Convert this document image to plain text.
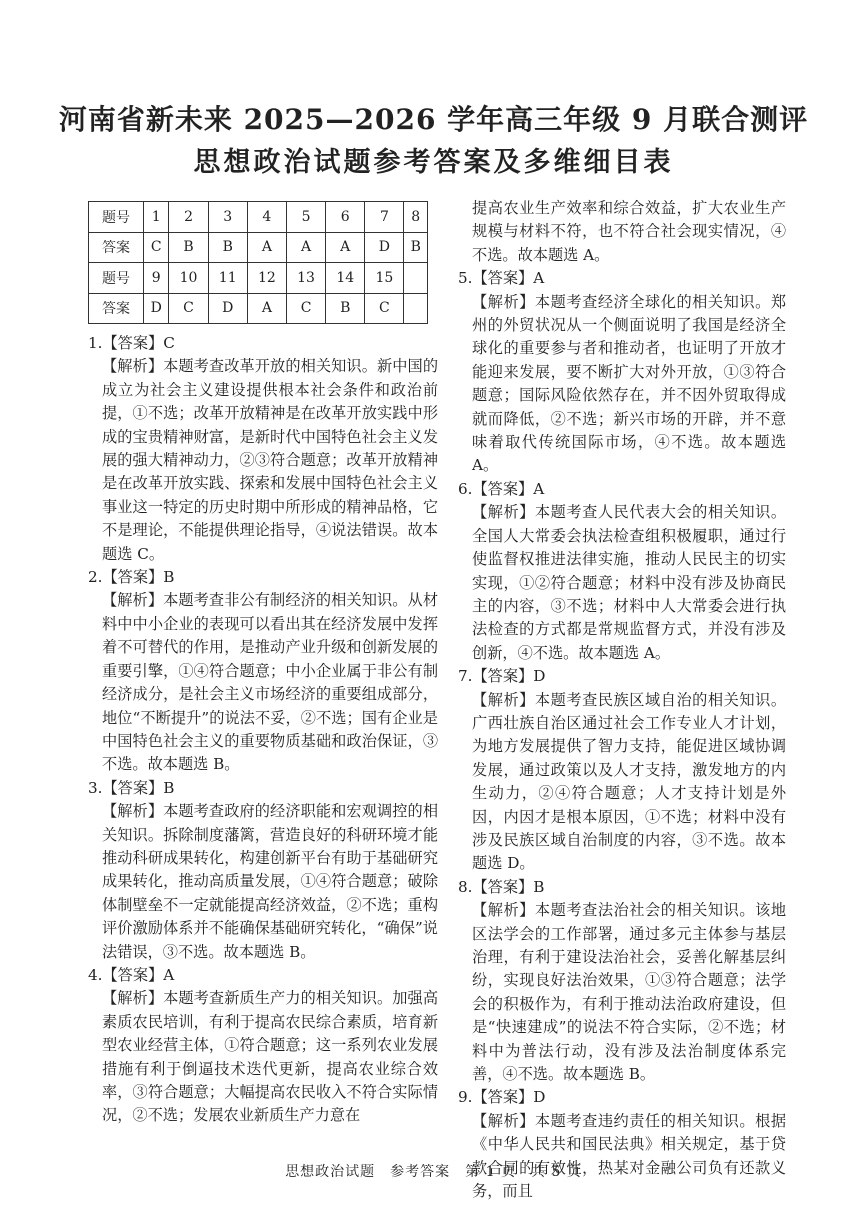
河南省新未来 2025—2026 学年高三年级 9 月联合测评
思想政治试题参考答案及多维细目表
题号	1	2	3	4	5	6	7	8
答案	C	B	B	A	A	A	D	B
题号	9	10	11	12	13	14	15	
答案	D	C	D	A	C	B	C	
1.【答案】C
【解析】本题考查改革开放的相关知识。新中国的成立为社会主义建设提供根本社会条件和政治前提，①不选；改革开放精神是在改革开放实践中形成的宝贵精神财富，是新时代中国特色社会主义发展的强大精神动力，②③符合题意；改革开放精神是在改革开放实践、探索和发展中国特色社会主义事业这一特定的历史时期中所形成的精神品格，它不是理论，不能提供理论指导，④说法错误。故本题选 C。
2.【答案】B
【解析】本题考查非公有制经济的相关知识。从材料中中小企业的表现可以看出其在经济发展中发挥着不可替代的作用，是推动产业升级和创新发展的重要引擎，①④符合题意；中小企业属于非公有制经济成分，是社会主义市场经济的重要组成部分，地位“不断提升”的说法不妥，②不选；国有企业是中国特色社会主义的重要物质基础和政治保证，③不选。故本题选 B。
3.【答案】B
【解析】本题考查政府的经济职能和宏观调控的相关知识。拆除制度藩篱，营造良好的科研环境才能推动科研成果转化，构建创新平台有助于基础研究成果转化，推动高质量发展，①④符合题意；破除体制壁垒不一定就能提高经济效益，②不选；重构评价激励体系并不能确保基础研究转化，“确保”说法错误，③不选。故本题选 B。
4.【答案】A
【解析】本题考查新质生产力的相关知识。加强高素质农民培训，有利于提高农民综合素质，培育新型农业经营主体，①符合题意；这一系列农业发展措施有利于倒逼技术迭代更新，提高农业综合效率，③符合题意；大幅提高农民收入不符合实际情况，②不选；发展农业新质生产力意在
提高农业生产效率和综合效益，扩大农业生产规模与材料不符，也不符合社会现实情况，④不选。故本题选 A。
5.【答案】A
【解析】本题考查经济全球化的相关知识。郑州的外贸状况从一个侧面说明了我国是经济全球化的重要参与者和推动者，也证明了开放才能迎来发展，要不断扩大对外开放，①③符合题意；国际风险依然存在，并不因外贸取得成就而降低，②不选；新兴市场的开辟，并不意味着取代传统国际市场，④不选。故本题选 A。
6.【答案】A
【解析】本题考查人民代表大会的相关知识。全国人大常委会执法检查组积极履职，通过行使监督权推进法律实施，推动人民民主的切实实现，①②符合题意；材料中没有涉及协商民主的内容，③不选；材料中人大常委会进行执法检查的方式都是常规监督方式，并没有涉及创新，④不选。故本题选 A。
7.【答案】D
【解析】本题考查民族区域自治的相关知识。广西壮族自治区通过社会工作专业人才计划，为地方发展提供了智力支持，能促进区域协调发展，通过政策以及人才支持，激发地方的内生动力，②④符合题意；人才支持计划是外因，内因才是根本原因，①不选；材料中没有涉及民族区域自治制度的内容，③不选。故本题选 D。
8.【答案】B
【解析】本题考查法治社会的相关知识。该地区法学会的工作部署，通过多元主体参与基层治理，有利于建设法治社会，妥善化解基层纠纷，实现良好法治效果，①③符合题意；法学会的积极作为，有利于推动法治政府建设，但是“快速建成”的说法不符合实际，②不选；材料中为普法行动，没有涉及法治制度体系完善，④不选。故本题选 B。
9.【答案】D
【解析】本题考查违约责任的相关知识。根据《中华人民共和国民法典》相关规定，基于贷款合同的有效性，热某对金融公司负有还款义务，而且
思想政治试题　参考答案　第 1 页　共 5 页
